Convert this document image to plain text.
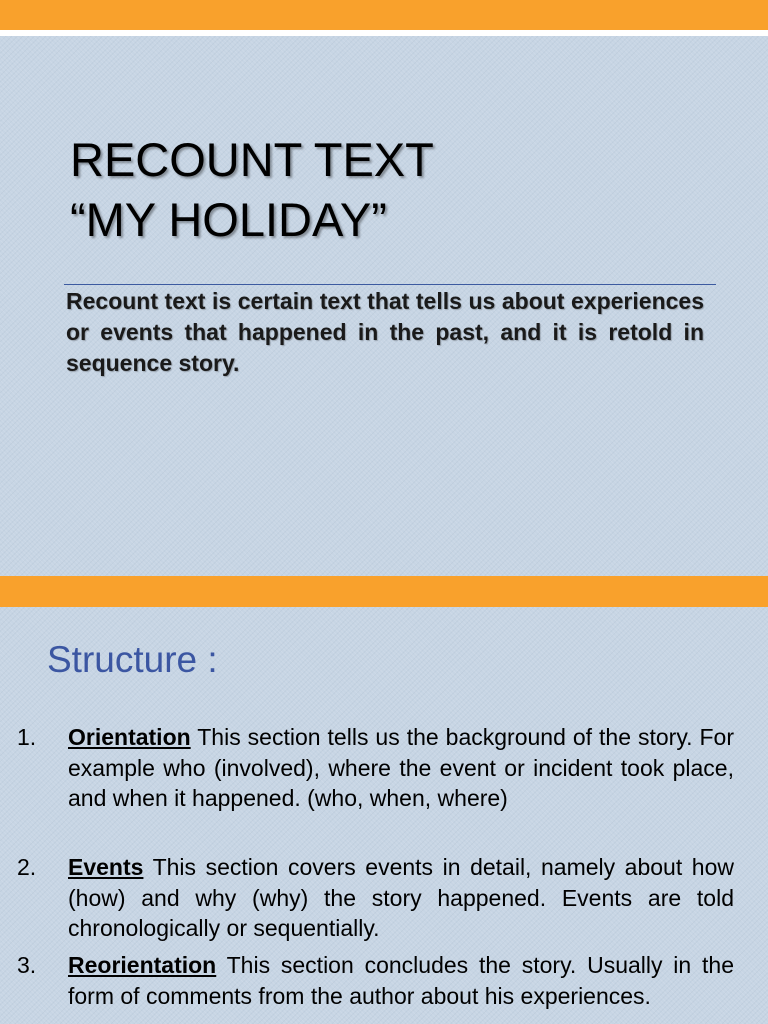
RECOUNT TEXT
“MY HOLIDAY”
Recount text is certain text that tells us about experiences or events that happened in the past, and it is retold in sequence story.
Structure :
1. Orientation This section tells us the background of the story. For example who (involved), where the event or incident took place, and when it happened. (who, when, where)
2. Events This section covers events in detail, namely about how (how) and why (why) the story happened. Events are told chronologically or sequentially.
3. Reorientation This section concludes the story. Usually in the form of comments from the author about his experiences.
